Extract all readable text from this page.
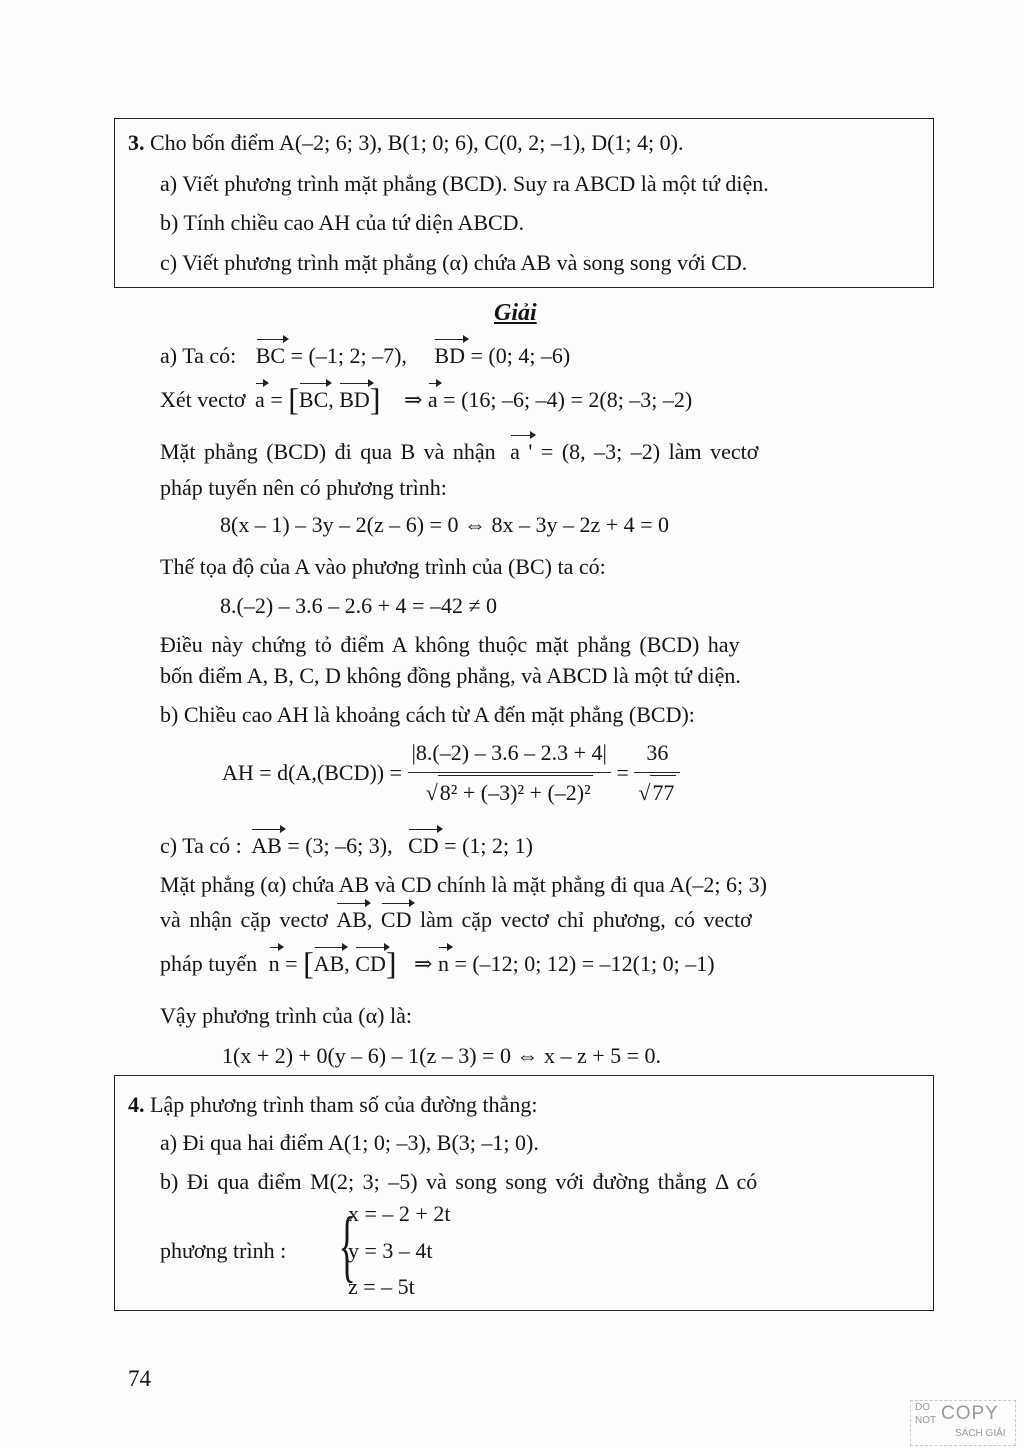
3. Cho bốn điểm A(–2; 6; 3), B(1; 0; 6), C(0, 2; –1), D(1; 4; 0).
a) Viết phương trình mặt phẳng (BCD). Suy ra ABCD là một tứ diện.
b) Tính chiều cao AH của tứ diện ABCD.
c) Viết phương trình mặt phẳng (α) chứa AB và song song với CD.
Giải
a) Ta có: BC = (–1; 2; –7), BD = (0; 4; –6)
Xét vectơ a = [BC, BD] ⇒ a = (16; –6; –4) = 2(8; –3; –2)
Mặt phẳng (BCD) đi qua B và nhận a ' = (8, –3; –2) làm vectơ
pháp tuyến nên có phương trình:
8(x – 1) – 3y – 2(z – 6) = 0 ⇔ 8x – 3y – 2z + 4 = 0
Thế tọa độ của A vào phương trình của (BC) ta có:
8.(–2) – 3.6 – 2.6 + 4 = –42 ≠ 0
Điều này chứng tỏ điểm A không thuộc mặt phẳng (BCD) hay
bốn điểm A, B, C, D không đồng phẳng, và ABCD là một tứ diện.
b) Chiều cao AH là khoảng cách từ A đến mặt phẳng (BCD):
AH = $d(A,(BCD)) = \frac{|8.(-2) - 3.6 - 2.3 + 4|}{\text{√8² + (–3)² + (–2)²}} = \frac{36}{√77}$
c) Ta có : AB = (3; –6; 3), CD = (1; 2; 1)
Mặt phẳng (α) chứa AB và CD chính là mặt phẳng đi qua A(–2; 6; 3)
và nhận cặp vectơ AB, CD làm cặp vectơ chỉ phương, có vectơ
pháp tuyến n = [AB, CD] ⇒ n = (–12; 0; 12) = –12(1; 0; –1)
Vậy phương trình của (α) là:
1(x + 2) + 0(y – 6) – 1(z – 3) = 0 ⇔ x – z + 5 = 0.
4. Lập phương trình tham số của đường thẳng:
a) Đi qua hai điểm A(1; 0; –3), B(3; –1; 0).
b) Đi qua điểm M(2; 3; –5) và song song với đường thẳng Δ có
phương trình : {
x = – 2 + 2t
y = 3 – 4t
z = – 5t
74
DO
NOT COPY
SÁCH GIẢI
